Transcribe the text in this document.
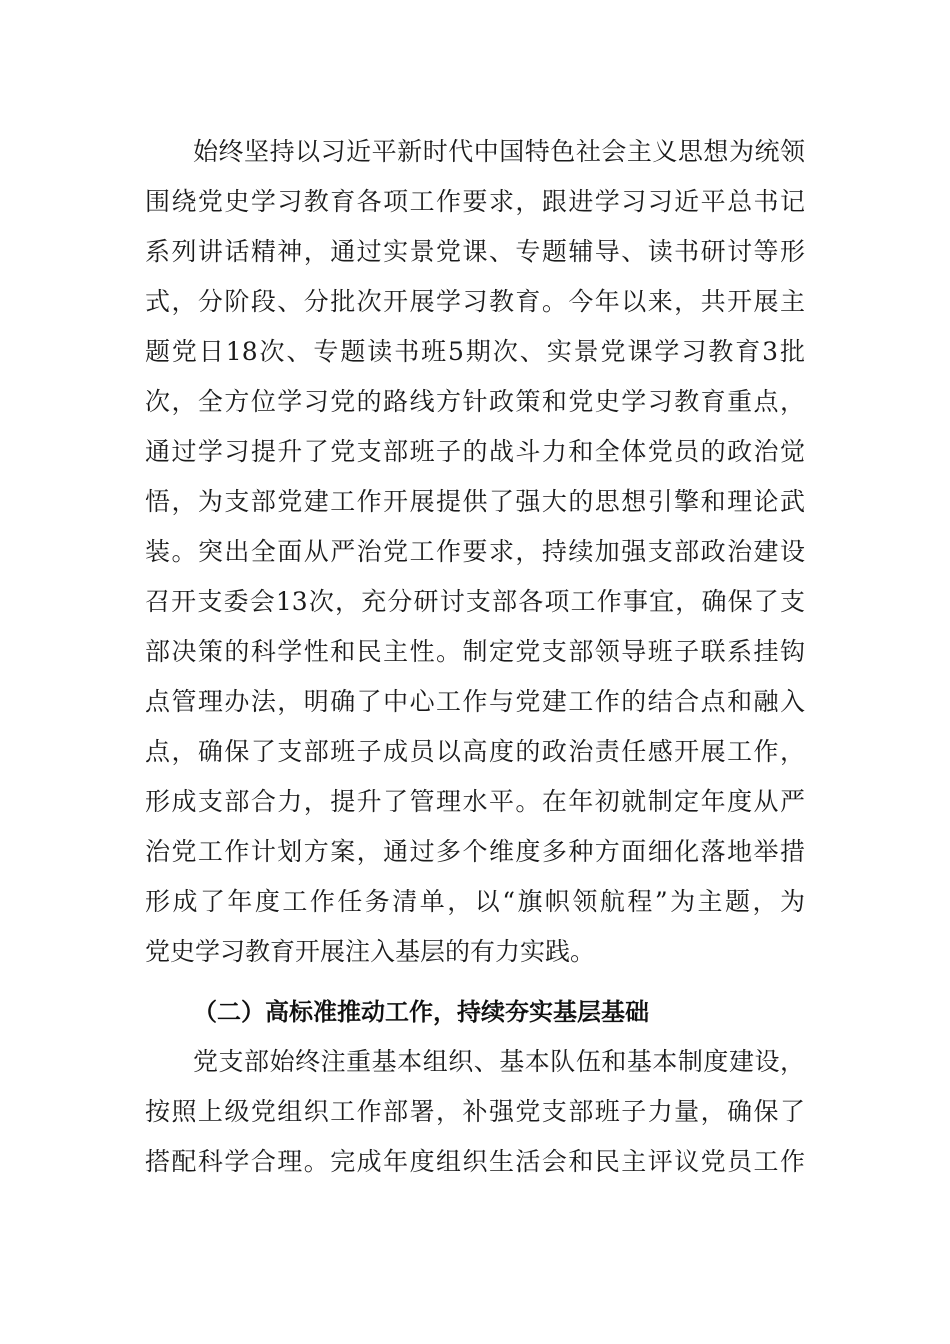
始终坚持以习近平新时代中国特色社会主义思想为统领
围绕党史学习教育各项工作要求，跟进学习习近平总书记
系列讲话精神，通过实景党课、专题辅导、读书研讨等形
式，分阶段、分批次开展学习教育。今年以来，共开展主
题党日18次、专题读书班5期次、实景党课学习教育3批
次，全方位学习党的路线方针政策和党史学习教育重点，
通过学习提升了党支部班子的战斗力和全体党员的政治觉
悟，为支部党建工作开展提供了强大的思想引擎和理论武
装。突出全面从严治党工作要求，持续加强支部政治建设
召开支委会13次，充分研讨支部各项工作事宜，确保了支
部决策的科学性和民主性。制定党支部领导班子联系挂钩
点管理办法，明确了中心工作与党建工作的结合点和融入
点，确保了支部班子成员以高度的政治责任感开展工作，
形成支部合力，提升了管理水平。在年初就制定年度从严
治党工作计划方案，通过多个维度多种方面细化落地举措
形成了年度工作任务清单，以“旗帜领航程”为主题，为
党史学习教育开展注入基层的有力实践。
（二）高标准推动工作，持续夯实基层基础
党支部始终注重基本组织、基本队伍和基本制度建设，
按照上级党组织工作部署，补强党支部班子力量，确保了
搭配科学合理。完成年度组织生活会和民主评议党员工作
